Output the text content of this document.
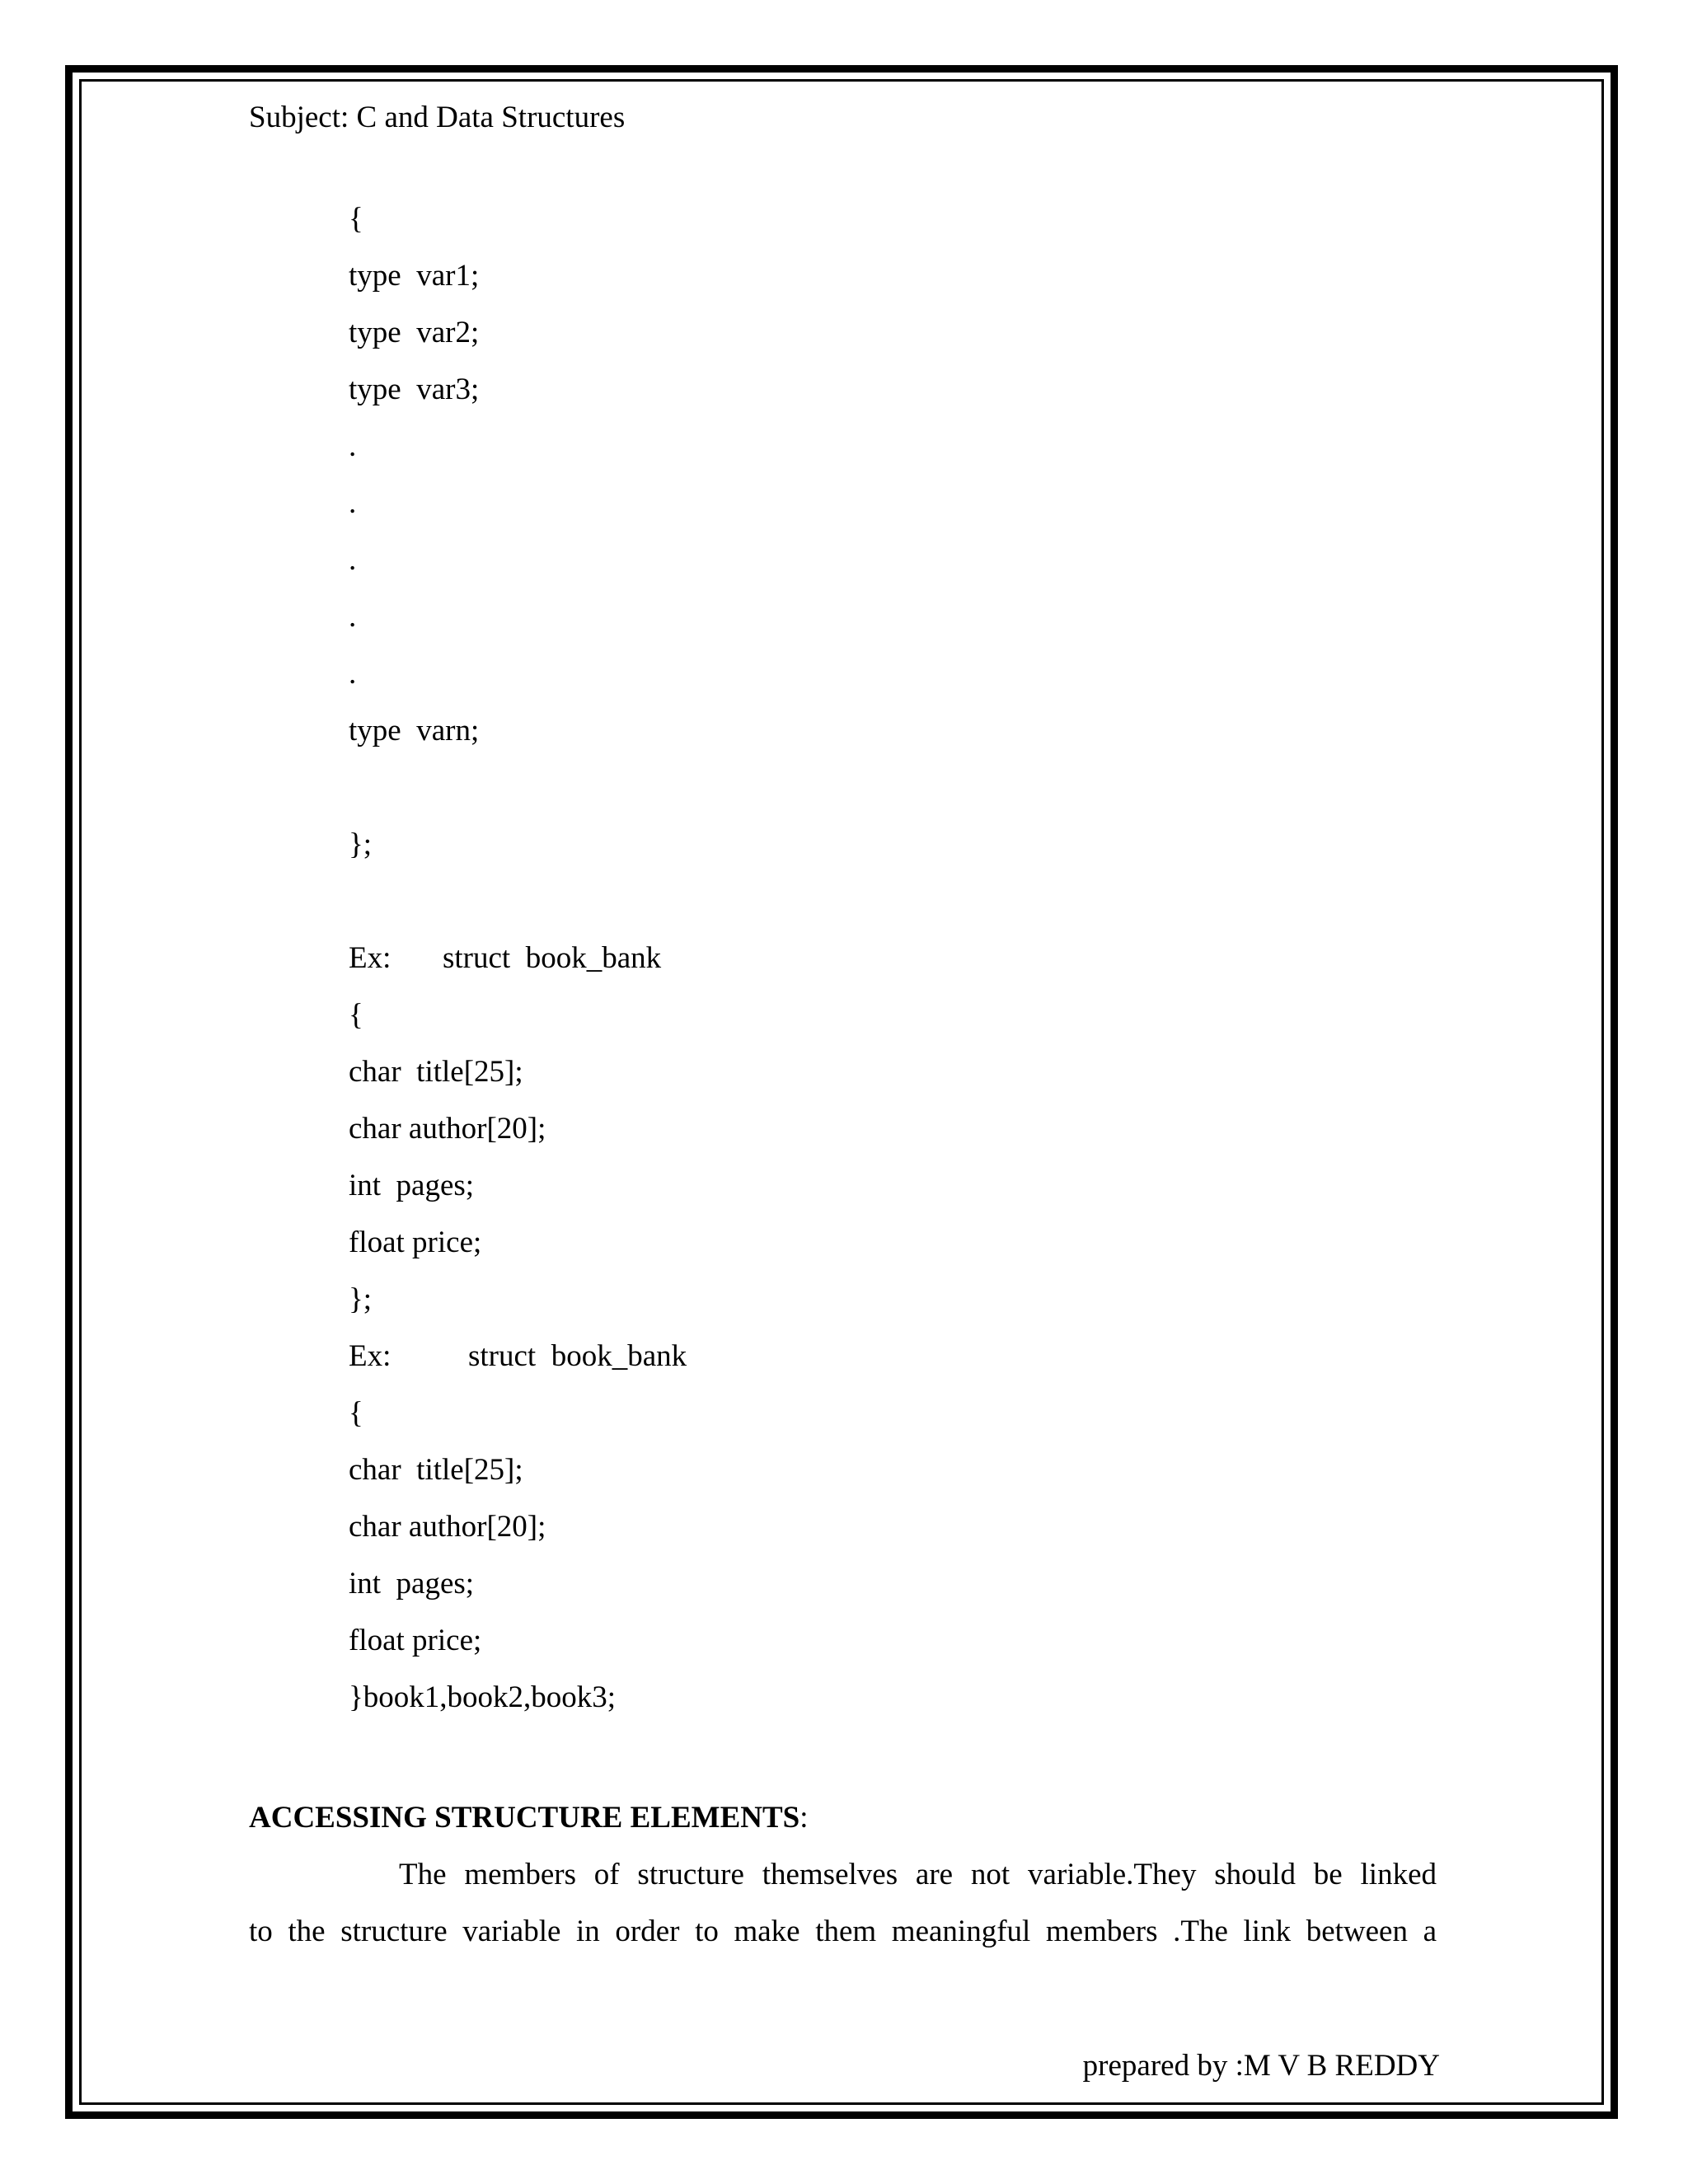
Subject: C and Data Structures

{

type  var1;

type  var2;

type  var3;

.

.

.

.

.

type  varn;

};

Ex: struct  book_bank

{

char  title[25];

char author[20];

int  pages;

float price;

};

Ex:	struct  book_bank

{

char  title[25];

char author[20];

int  pages;

float price;

}book1,book2,book3;

ACCESSING STRUCTURE ELEMENTS:

The members of structure themselves are not variable.They should be linked

to the structure variable in order to make them meaningful members .The link between a

prepared by :M V B REDDY
